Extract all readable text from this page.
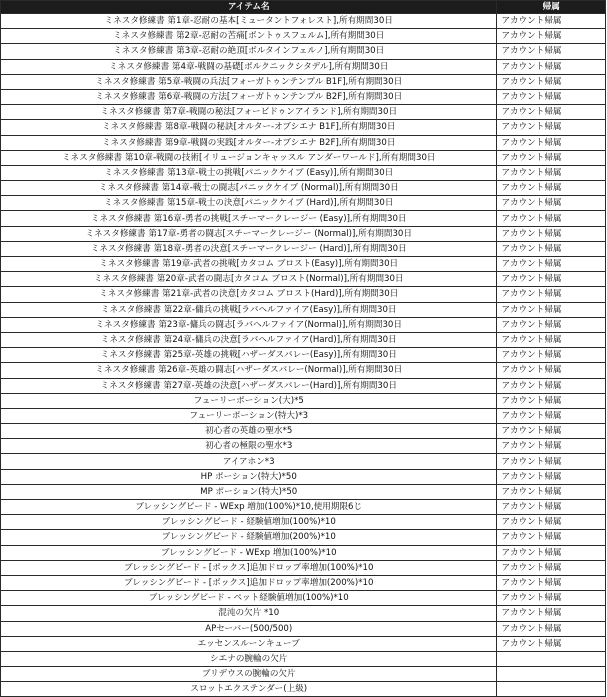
アイテム名	帰属
ミネスタ修練書 第1章-忍耐の基本[ミュータントフォレスト],所有期間30日	アカウント帰属
ミネスタ修練書 第2章-忍耐の苦痛[ボントゥスフェルム],所有期間30日	アカウント帰属
ミネスタ修練書 第3章-忍耐の絶頂[ボルタインフェルノ],所有期間30日	アカウント帰属
ミネスタ修練書 第4章-戦闘の基礎[ボルクニックシタデル],所有期間30日	アカウント帰属
ミネスタ修練書 第5章-戦闘の兵法[フォーガトゥンテンプル B1F],所有期間30日	アカウント帰属
ミネスタ修練書 第6章-戦闘の方法[フォーガトゥンテンプル B2F],所有期間30日	アカウント帰属
ミネスタ修練書 第7章-戦闘の秘法[フォービドゥンアイランド],所有期間30日	アカウント帰属
ミネスタ修練書 第8章-戦闘の秘訣[オルター-オブシエナ B1F],所有期間30日	アカウント帰属
ミネスタ修練書 第9章-戦闘の実践[オルター-オブシエナ B2F],所有期間30日	アカウント帰属
ミネスタ修練書 第10章-戦闘の技術[イリュージョンキャッスル アンダーワールド],所有期間30日	アカウント帰属
ミネスタ修練書 第13章-戦士の挑戦[パニックケイブ (Easy)],所有期間30日	アカウント帰属
ミネスタ修練書 第14章-戦士の闘志[パニックケイブ (Normal)],所有期間30日	アカウント帰属
ミネスタ修練書 第15章-戦士の決意[パニックケイブ (Hard)],所有期間30日	アカウント帰属
ミネスタ修練書 第16章-勇者の挑戦[スチーマークレージー (Easy)],所有期間30日	アカウント帰属
ミネスタ修練書 第17章-勇者の闘志[スチーマークレージー (Normal)],所有期間30日	アカウント帰属
ミネスタ修練書 第18章-勇者の決意[スチーマークレージー (Hard)],所有期間30日	アカウント帰属
ミネスタ修練書 第19章-武者の挑戦[カタコム ブロスト(Easy)],所有期間30日	アカウント帰属
ミネスタ修練書 第20章-武者の闘志[カタコム ブロスト(Normal)],所有期間30日	アカウント帰属
ミネスタ修練書 第21章-武者の決意[カタコム ブロスト(Hard)],所有期間30日	アカウント帰属
ミネスタ修練書 第22章-傭兵の挑戦[ラバヘルファイア(Easy)],所有期間30日	アカウント帰属
ミネスタ修練書 第23章-傭兵の闘志[ラバヘルファイア(Normal)],所有期間30日	アカウント帰属
ミネスタ修練書 第24章-傭兵の決意[ラバヘルファイア(Hard)],所有期間30日	アカウント帰属
ミネスタ修練書 第25章-英雄の挑戦[ハザーダスバレー(Easy)],所有期間30日	アカウント帰属
ミネスタ修練書 第26章-英雄の闘志[ハザーダスバレー(Normal)],所有期間30日	アカウント帰属
ミネスタ修練書 第27章-英雄の決意[ハザーダスバレー(Hard)],所有期間30日	アカウント帰属
フューリーポーション(大)*5	アカウント帰属
フューリーポーション(特大)*3	アカウント帰属
初心者の英雄の聖水*5	アカウント帰属
初心者の極限の聖水*3	アカウント帰属
アイアホン*3	アカウント帰属
HP ポーション(特大)*50	アカウント帰属
MP ポーション(特大)*50	アカウント帰属
ブレッシングビード - WExp 増加(100%)*10,使用期限6じ	アカウント帰属
ブレッシングビード - 経験値増加(100%)*10	アカウント帰属
ブレッシングビード - 経験値増加(200%)*10	アカウント帰属
ブレッシングビード - WExp 増加(100%)*10	アカウント帰属
ブレッシングビード - [ボックス]追加ドロップ率増加(100%)*10	アカウント帰属
ブレッシングビード - [ボックス]追加ドロップ率増加(200%)*10	アカウント帰属
ブレッシングビード - ペット経験値増加(100%)*10	アカウント帰属
混沌の欠片 *10	アカウント帰属
APセーバー(500/500)	アカウント帰属
エッセンスルーンキューブ	アカウント帰属
シエナの腕輪の欠片	
ブリデウスの腕輪の欠片	
スロットエクステンダー(上級)	
